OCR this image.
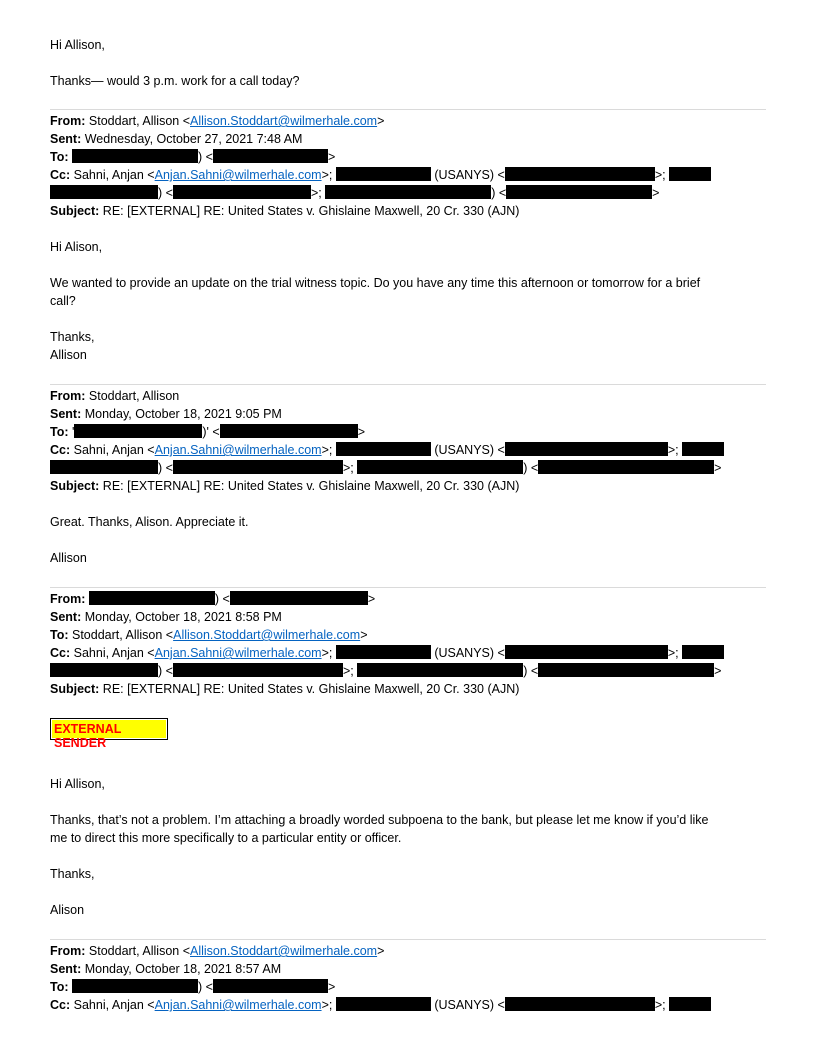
Hi Allison,
Thanks— would 3 p.m. work for a call today?
From: Stoddart, Allison <Allison.Stoddart@wilmerhale.com>
Sent: Wednesday, October 27, 2021 7:48 AM
To:	) <	>
Cc: Sahni, Anjan <Anjan.Sahni@wilmerhale.com>;	(USANYS) <	>;
) <	>;	) <	>
Subject: RE: [EXTERNAL] RE: United States v. Ghislaine Maxwell, 20 Cr. 330 (AJN)
Hi Alison,
We wanted to provide an update on the trial witness topic. Do you have any time this afternoon or tomorrow for a brief
call?
Thanks,
Allison
From: Stoddart, Allison
Sent: Monday, October 18, 2021 9:05 PM
To: '	)' <	>
Cc: Sahni, Anjan <Anjan.Sahni@wilmerhale.com>;	(USANYS) <	>;
) <	>;	) <	>
Subject: RE: [EXTERNAL] RE: United States v. Ghislaine Maxwell, 20 Cr. 330 (AJN)
Great. Thanks, Alison. Appreciate it.
Allison
From:	) <	>
Sent: Monday, October 18, 2021 8:58 PM
To: Stoddart, Allison <Allison.Stoddart@wilmerhale.com>
Cc: Sahni, Anjan <Anjan.Sahni@wilmerhale.com>;	(USANYS) <	>;
) <	>;	) <	>
Subject: RE: [EXTERNAL] RE: United States v. Ghislaine Maxwell, 20 Cr. 330 (AJN)
EXTERNAL SENDER
Hi Allison,
Thanks, that’s not a problem. I’m attaching a broadly worded subpoena to the bank, but please let me know if you’d like
me to direct this more specifically to a particular entity or officer.
Thanks,
Alison
From: Stoddart, Allison <Allison.Stoddart@wilmerhale.com>
Sent: Monday, October 18, 2021 8:57 AM
To:	) <	>
Cc: Sahni, Anjan <Anjan.Sahni@wilmerhale.com>;	(USANYS) <	>;
